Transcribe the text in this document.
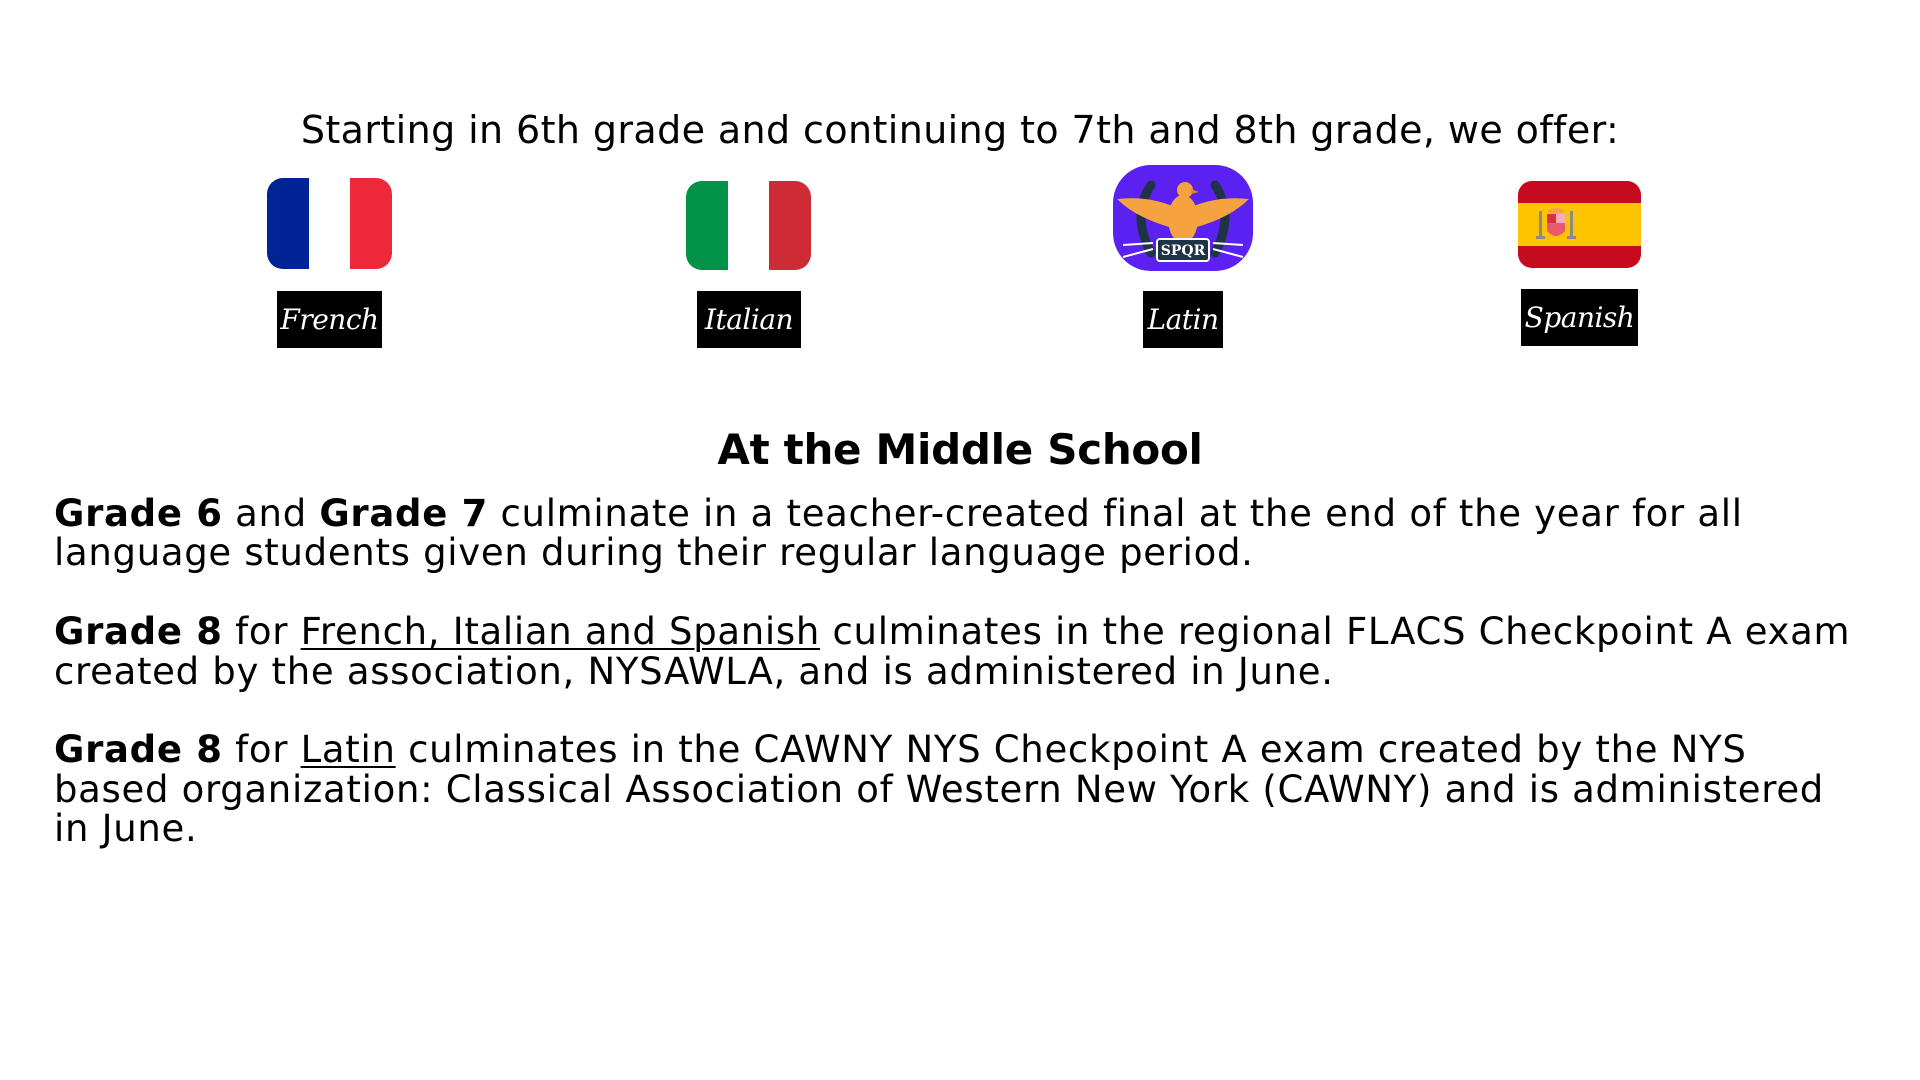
Starting in 6th grade and continuing to 7th and 8th grade, we offer:
French	Italian
SPQR
Latin	Spanish
At the Middle School
Grade 6 and Grade 7 culminate in a teacher-created final at the end of the year for all
language students given during their regular language period.
Grade 8 for French, Italian and Spanish culminates in the regional FLACS Checkpoint A exam
created by the association, NYSAWLA, and is administered in June.
Grade 8 for Latin culminates in the CAWNY NYS Checkpoint A exam created by the NYS
based organization: Classical Association of Western New York (CAWNY) and is administered
in June.
